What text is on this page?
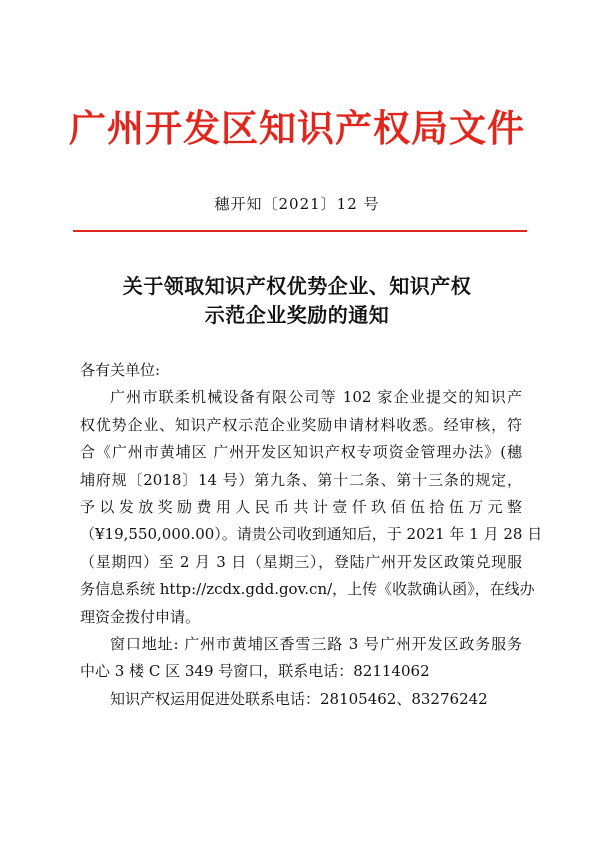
广州开发区知识产权局文件
穗开知〔2021〕12 号
关于领取知识产权优势企业、知识产权
示范企业奖励的通知
各有关单位:
广州市联柔机械设备有限公司等 102 家企业提交的知识产
权优势企业、知识产权示范企业奖励申请材料收悉。经审核，符
合《广州市黄埔区 广州开发区知识产权专项资金管理办法》(穗
埔府规〔2018〕14 号）第九条、第十二条、第十三条的规定，
予以发放奖励费用人民币共计壹仟玖佰伍拾伍万元整
（¥19,550,000.00）。请贵公司收到通知后，于 2021 年 1 月 28 日
（星期四）至 2 月 3 日（星期三），登陆广州开发区政策兑现服
务信息系统 http://zcdx.gdd.gov.cn/，上传《收款确认函》，在线办
理资金拨付申请。
窗口地址: 广州市黄埔区香雪三路 3 号广州开发区政务服务
中心 3 楼 C 区 349 号窗口，联系电话：82114062
知识产权运用促进处联系电话：28105462、83276242
